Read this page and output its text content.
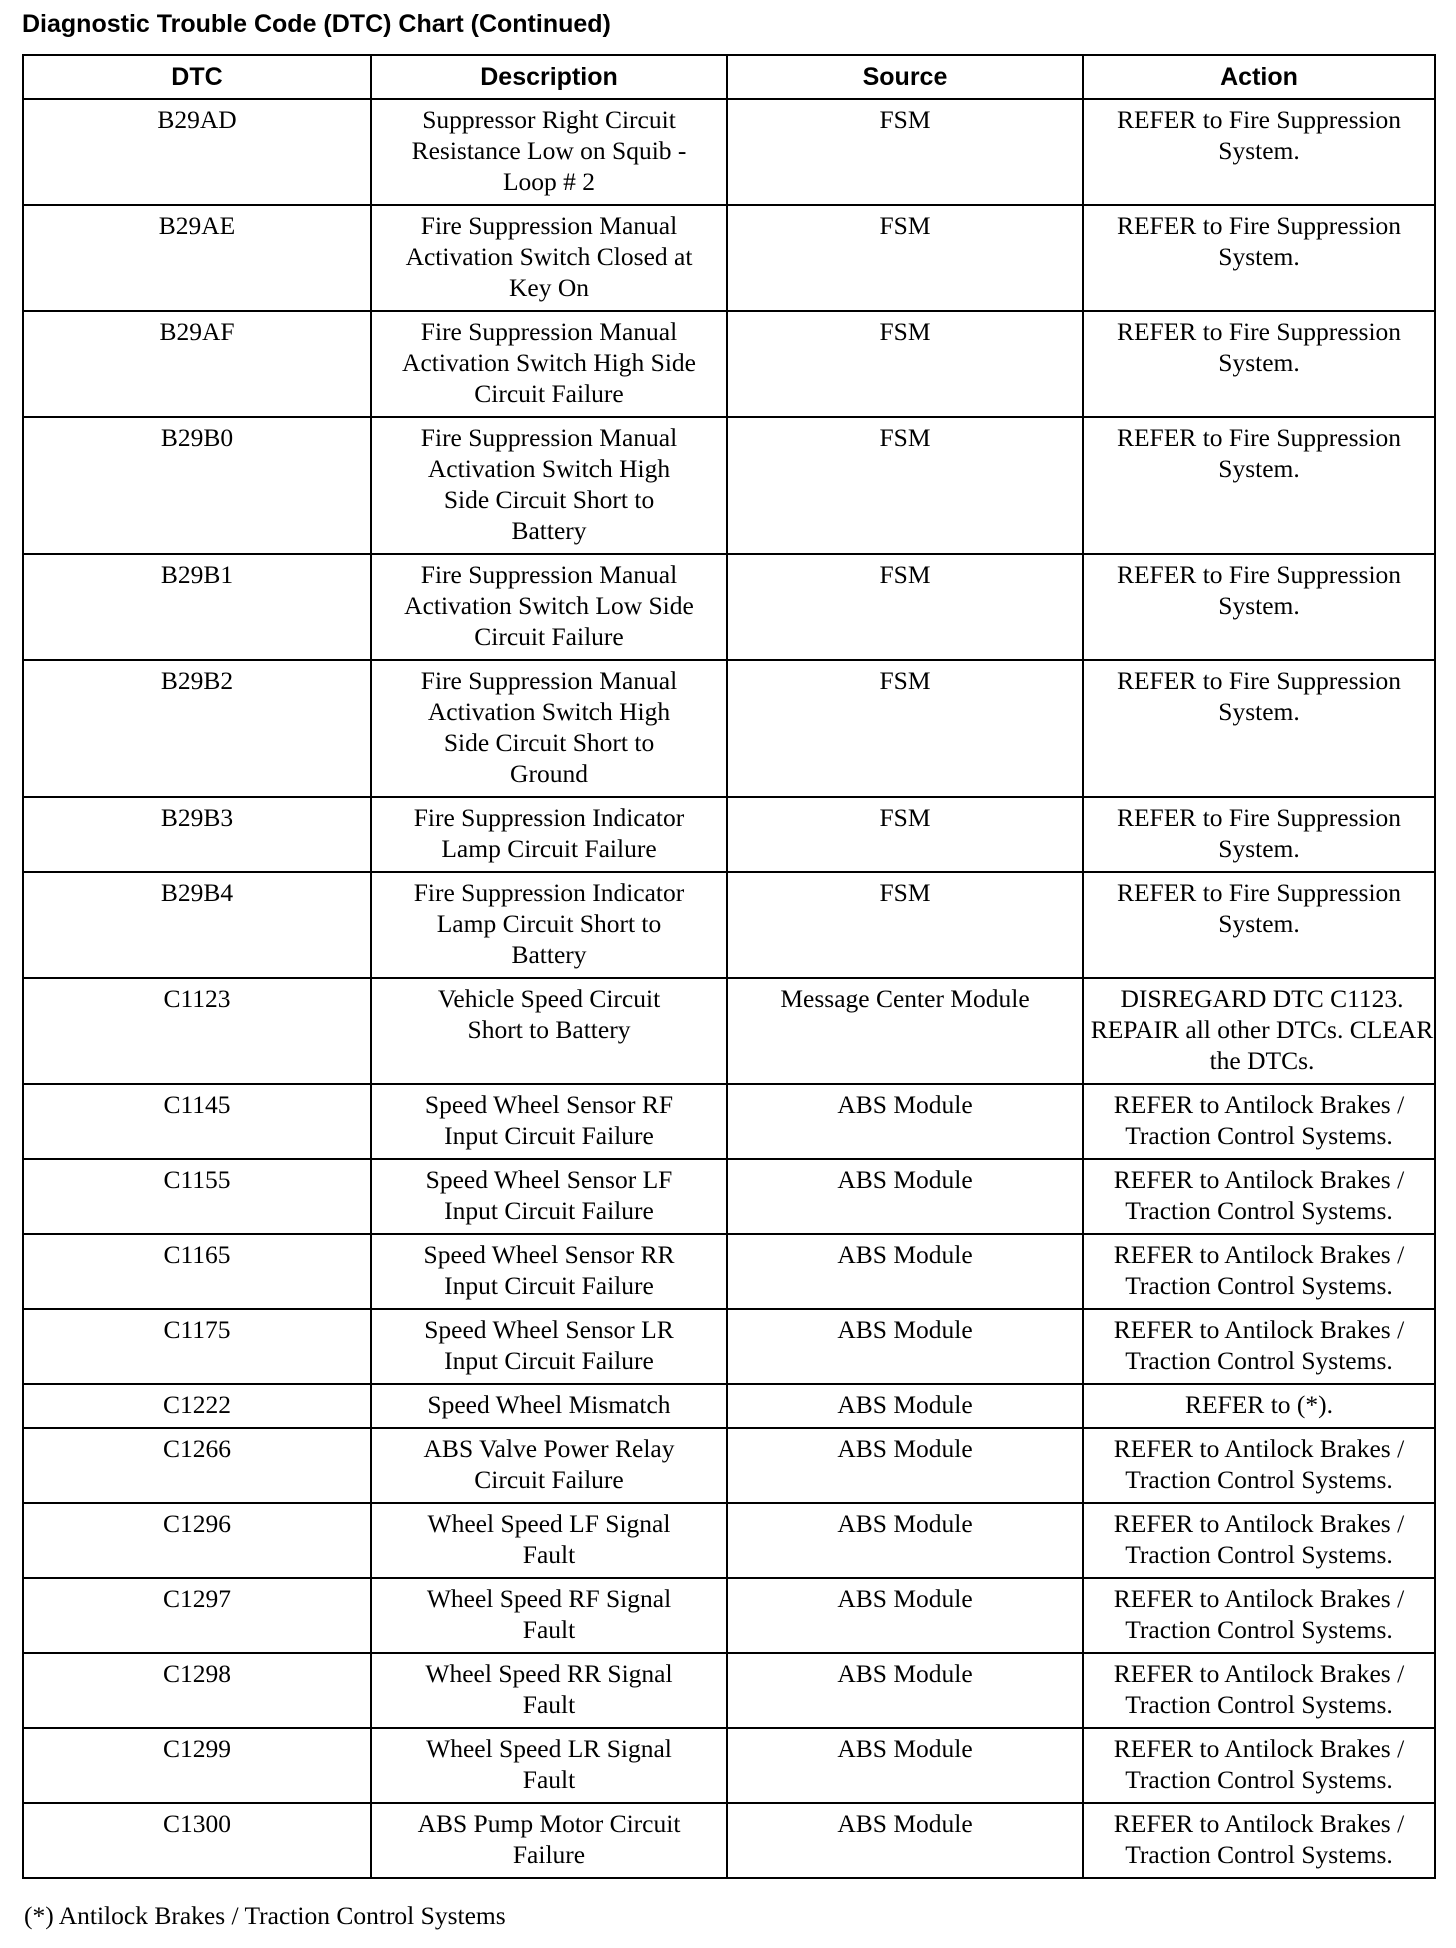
Diagnostic Trouble Code (DTC) Chart (Continued)
DTC	Description	Source	Action
B29AD	Suppressor Right Circuit Resistance Low on Squib - Loop # 2	FSM	REFER to Fire Suppression System.
B29AE	Fire Suppression Manual Activation Switch Closed at Key On	FSM	REFER to Fire Suppression System.
B29AF	Fire Suppression Manual Activation Switch High Side Circuit Failure	FSM	REFER to Fire Suppression System.
B29B0	Fire Suppression Manual Activation Switch High Side Circuit Short to Battery	FSM	REFER to Fire Suppression System.
B29B1	Fire Suppression Manual Activation Switch Low Side Circuit Failure	FSM	REFER to Fire Suppression System.
B29B2	Fire Suppression Manual Activation Switch High Side Circuit Short to Ground	FSM	REFER to Fire Suppression System.
B29B3	Fire Suppression Indicator Lamp Circuit Failure	FSM	REFER to Fire Suppression System.
B29B4	Fire Suppression Indicator Lamp Circuit Short to Battery	FSM	REFER to Fire Suppression System.
C1123	Vehicle Speed Circuit Short to Battery	Message Center Module	DISREGARD DTC C1123. REPAIR all other DTCs. CLEAR the DTCs.
C1145	Speed Wheel Sensor RF Input Circuit Failure	ABS Module	REFER to Antilock Brakes / Traction Control Systems.
C1155	Speed Wheel Sensor LF Input Circuit Failure	ABS Module	REFER to Antilock Brakes / Traction Control Systems.
C1165	Speed Wheel Sensor RR Input Circuit Failure	ABS Module	REFER to Antilock Brakes / Traction Control Systems.
C1175	Speed Wheel Sensor LR Input Circuit Failure	ABS Module	REFER to Antilock Brakes / Traction Control Systems.
C1222	Speed Wheel Mismatch	ABS Module	REFER to (*).
C1266	ABS Valve Power Relay Circuit Failure	ABS Module	REFER to Antilock Brakes / Traction Control Systems.
C1296	Wheel Speed LF Signal Fault	ABS Module	REFER to Antilock Brakes / Traction Control Systems.
C1297	Wheel Speed RF Signal Fault	ABS Module	REFER to Antilock Brakes / Traction Control Systems.
C1298	Wheel Speed RR Signal Fault	ABS Module	REFER to Antilock Brakes / Traction Control Systems.
C1299	Wheel Speed LR Signal Fault	ABS Module	REFER to Antilock Brakes / Traction Control Systems.
C1300	ABS Pump Motor Circuit Failure	ABS Module	REFER to Antilock Brakes / Traction Control Systems.
(*) Antilock Brakes / Traction Control Systems
